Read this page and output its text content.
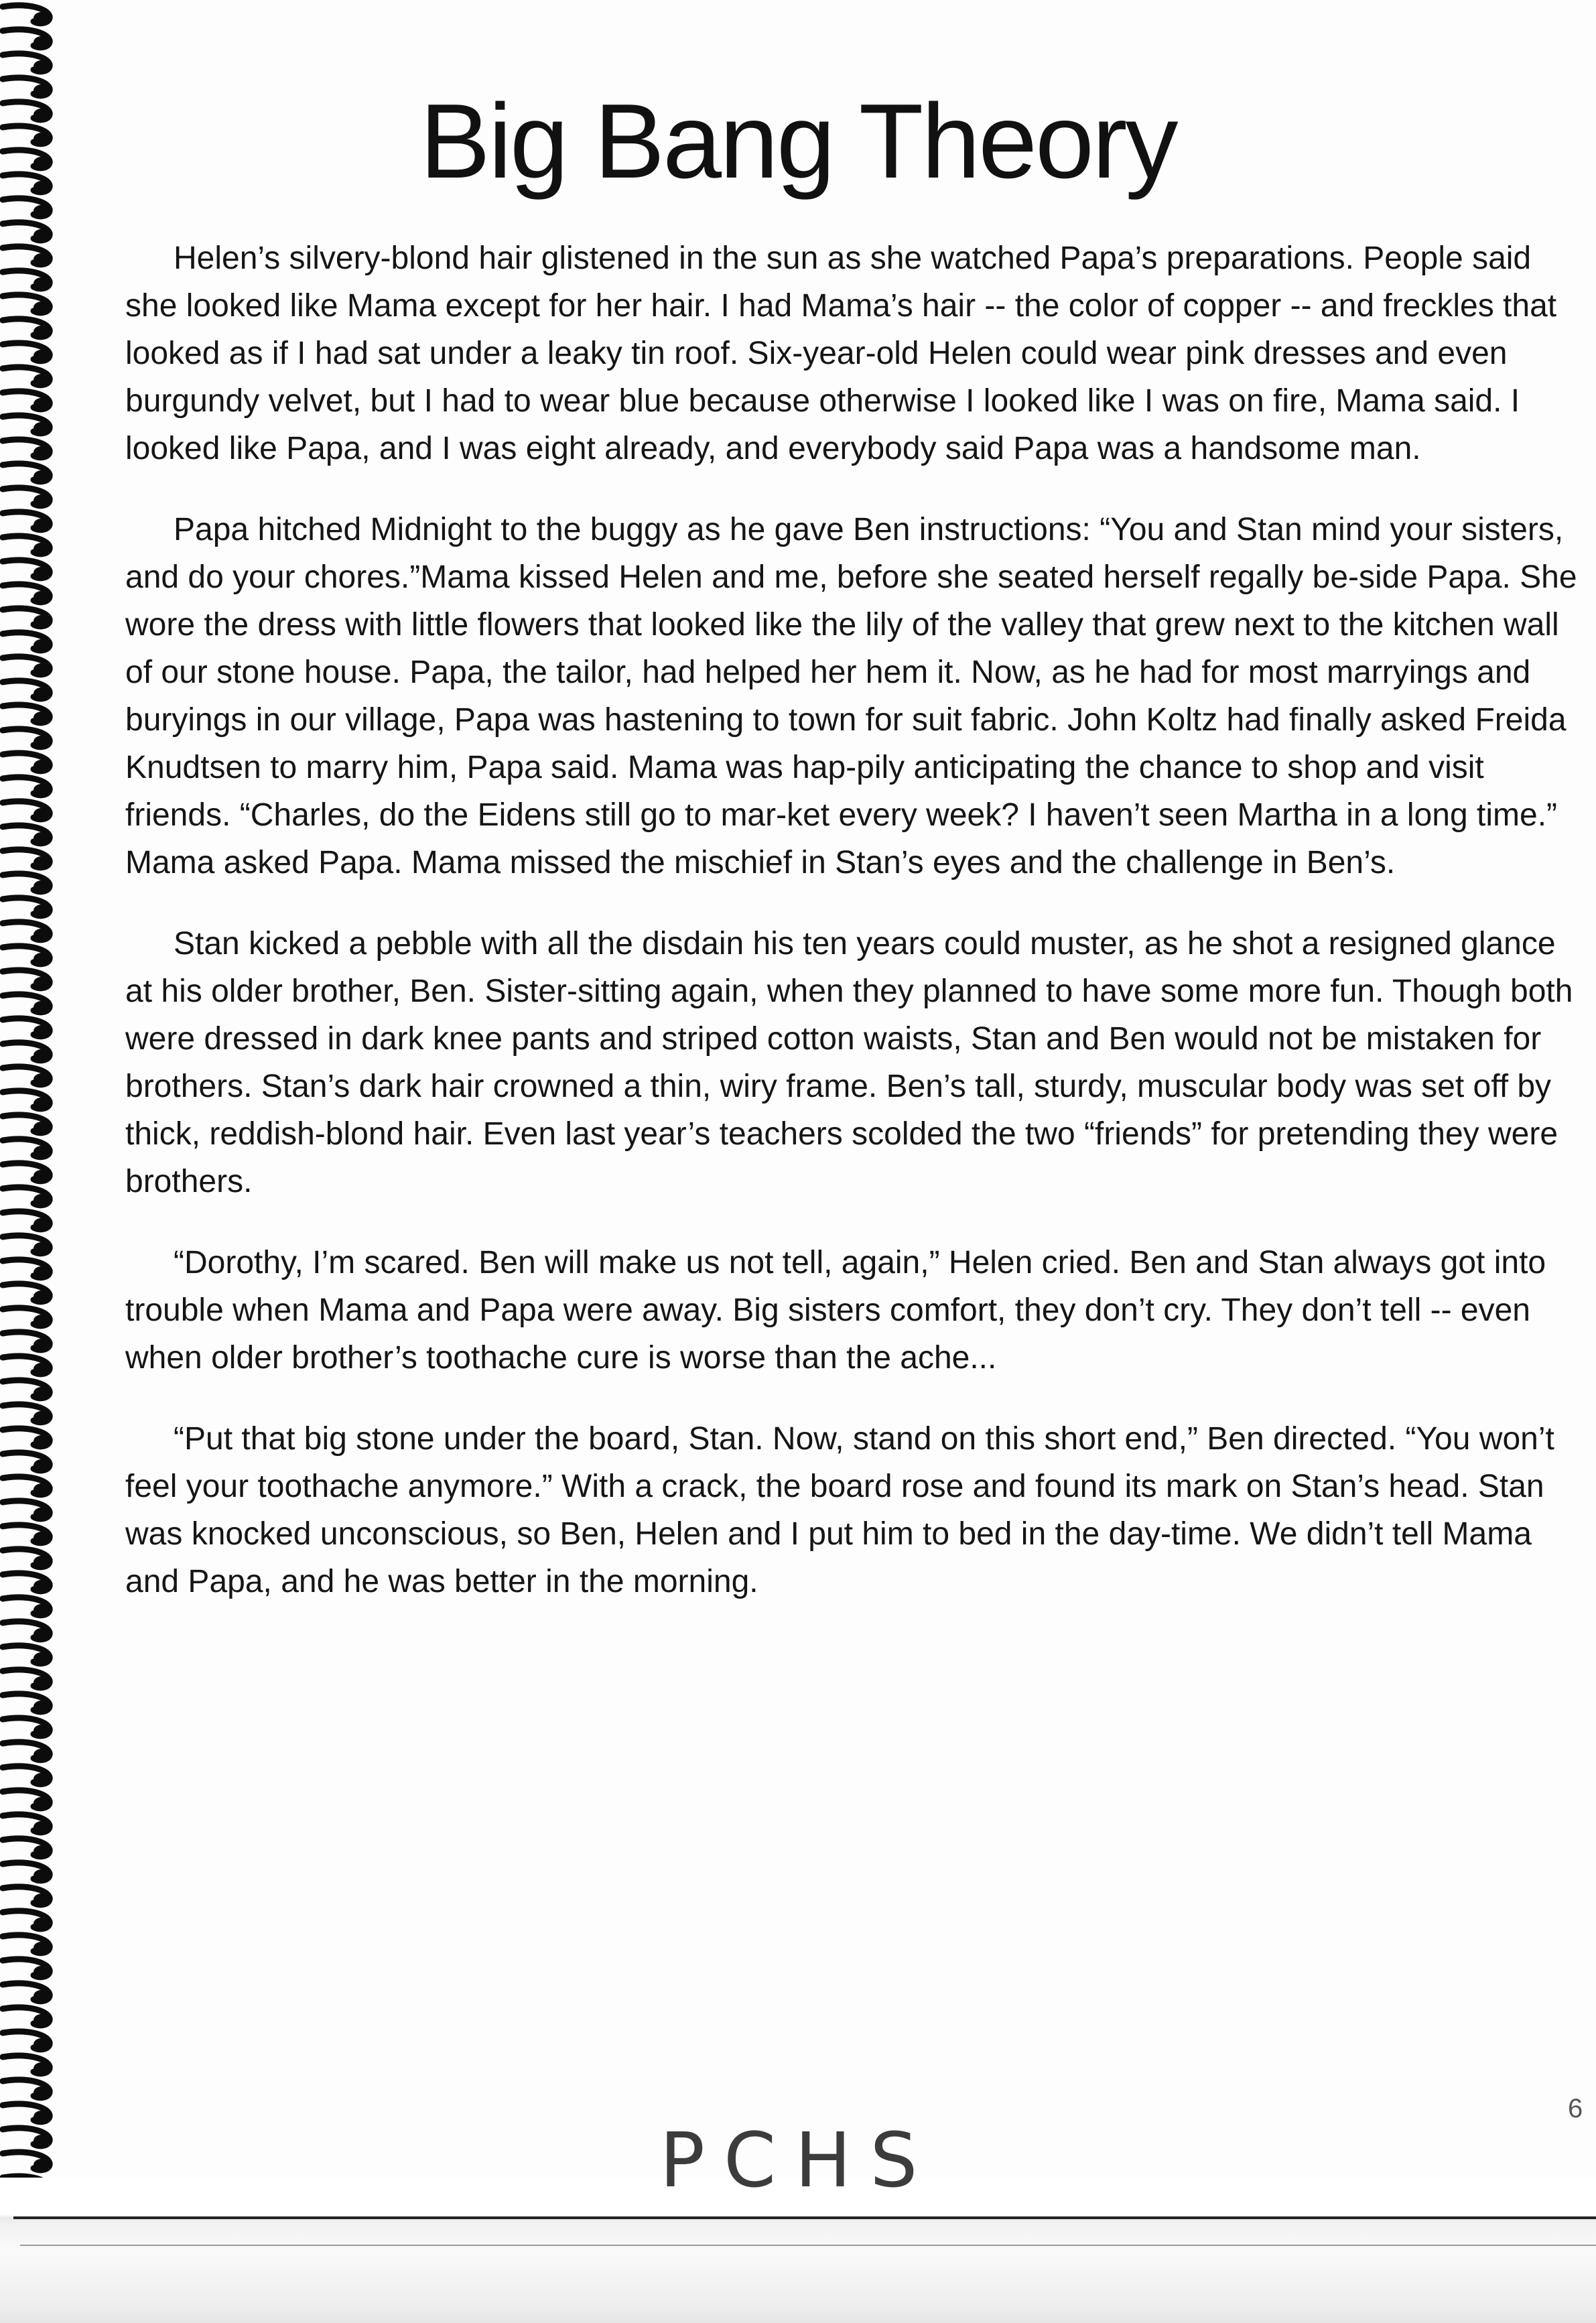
Big Bang Theory

Helen’s silvery-blond hair glistened in the sun as she watched Papa’s preparations. People said she looked like Mama except for her hair. I had Mama’s hair -- the color of copper -- and freckles that looked as if I had sat under a leaky tin roof. Six-year-old Helen could wear pink dresses and even burgundy velvet, but I had to wear blue because otherwise I looked like I was on fire, Mama said. I looked like Papa, and I was eight already, and everybody said Papa was a handsome man.

Papa hitched Midnight to the buggy as he gave Ben instructions: “You and Stan mind your sisters, and do your chores.”Mama kissed Helen and me, before she seated herself regally be-side Papa. She wore the dress with little flowers that looked like the lily of the valley that grew next to the kitchen wall of our stone house. Papa, the tailor, had helped her hem it. Now, as he had for most marryings and buryings in our village, Papa was hastening to town for suit fabric. John Koltz had finally asked Freida Knudtsen to marry him, Papa said. Mama was hap-pily anticipating the chance to shop and visit friends. “Charles, do the Eidens still go to mar-ket every week? I haven’t seen Martha in a long time.” Mama asked Papa. Mama missed the mischief in Stan’s eyes and the challenge in Ben’s.

Stan kicked a pebble with all the disdain his ten years could muster, as he shot a resigned glance at his older brother, Ben. Sister-sitting again, when they planned to have some more fun. Though both were dressed in dark knee pants and striped cotton waists, Stan and Ben would not be mistaken for brothers. Stan’s dark hair crowned a thin, wiry frame. Ben’s tall, sturdy, muscular body was set off by thick, reddish-blond hair. Even last year’s teachers scolded the two “friends” for pretending they were brothers.

“Dorothy, I’m scared. Ben will make us not tell, again,” Helen cried. Ben and Stan always got into trouble when Mama and Papa were away. Big sisters comfort, they don’t cry. They don’t tell -- even when older brother’s toothache cure is worse than the ache...

“Put that big stone under the board, Stan. Now, stand on this short end,” Ben directed. “You won’t feel your toothache anymore.” With a crack, the board rose and found its mark on Stan’s head. Stan was knocked unconscious, so Ben, Helen and I put him to bed in the day-time. We didn’t tell Mama and Papa, and he was better in the morning.

6
PCHS
